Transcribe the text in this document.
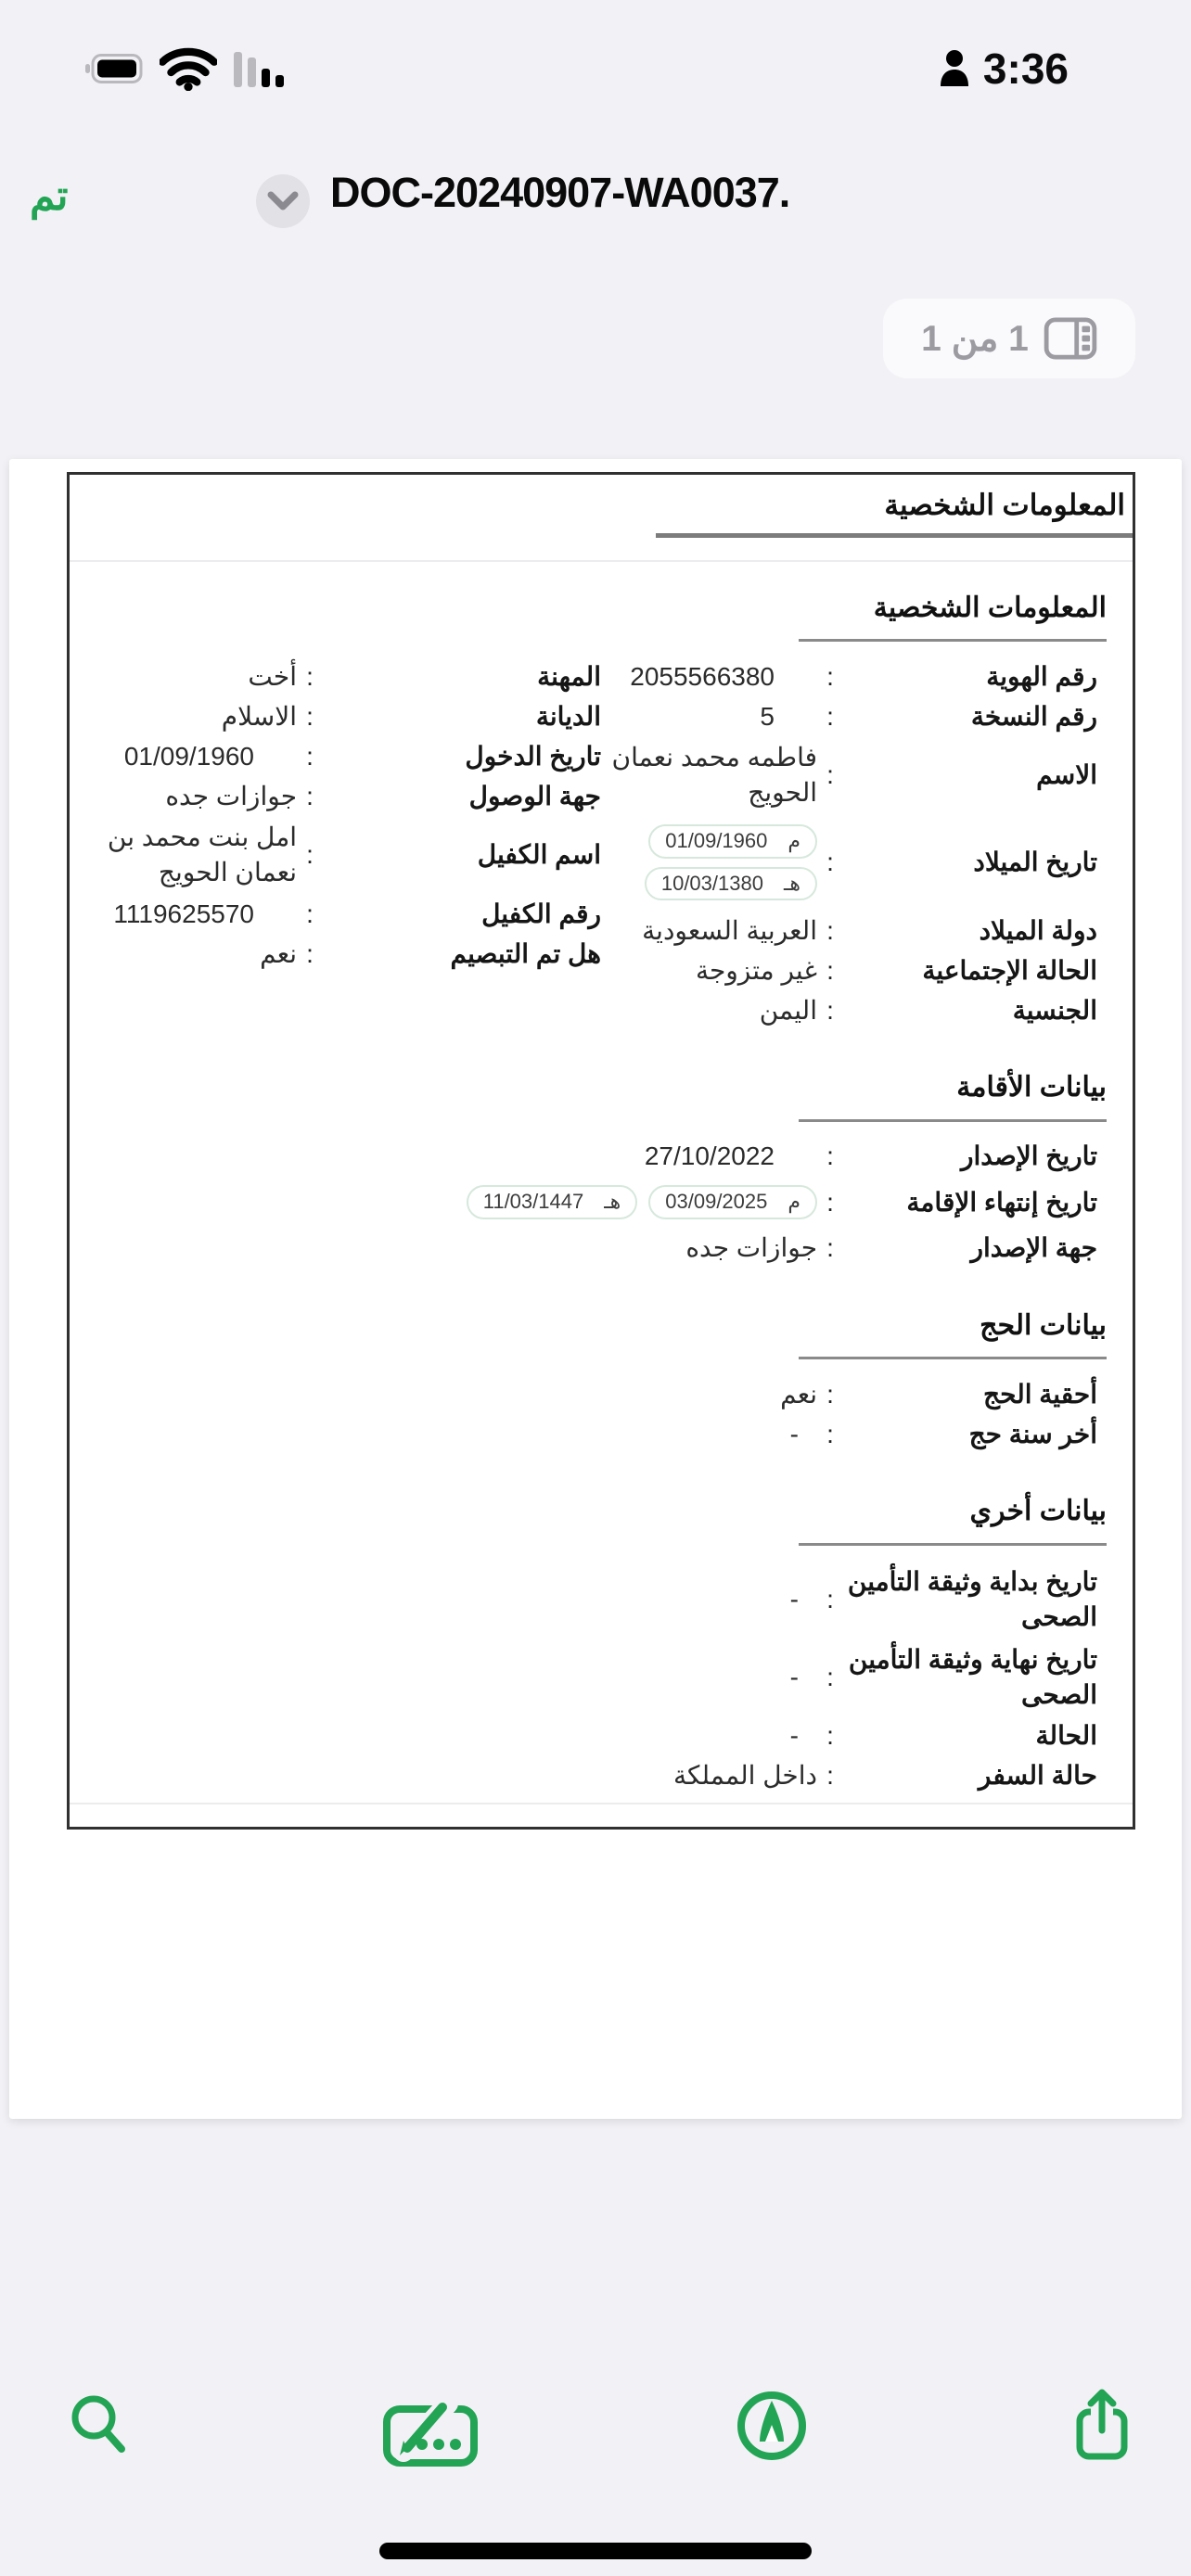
3:36
تم	DOC-20240907-WA0037.
1 من 1
المعلومات الشخصية
المعلومات الشخصية
رقم الهوية
:
2055566380
رقم النسخة
:
5
الاسم
:
فاطمه محمد نعمان الحويج
تاريخ الميلاد
:
م
01/09/1960
هـ
10/03/1380
دولة الميلاد
:
العربية السعودية
الحالة الإجتماعية
:
غير متزوجة
الجنسية
:
اليمن
المهنة
:
أخت
الديانة
:
الاسلام
تاريخ الدخول
:
01/09/1960
جهة الوصول
:
جوازات جده
اسم الكفيل
:
امل بنت محمد بن نعمان الحويج
رقم الكفيل
:
1119625570
هل تم التبصيم
:
نعم
بيانات الأقامة
تاريخ الإصدار
:
27/10/2022
تاريخ إنتهاء الإقامة
:
م
03/09/2025
هـ
11/03/1447
جهة الإصدار
:
جوازات جده
بيانات الحج
أحقية الحج
:
نعم
أخر سنة حج
:
-
بيانات أخري
تاريخ بداية وثيقة التأمين الصحى
:
-
تاريخ نهاية وثيقة التأمين الصحى
:
-
الحالة
:
-
حالة السفر
:
داخل المملكة
